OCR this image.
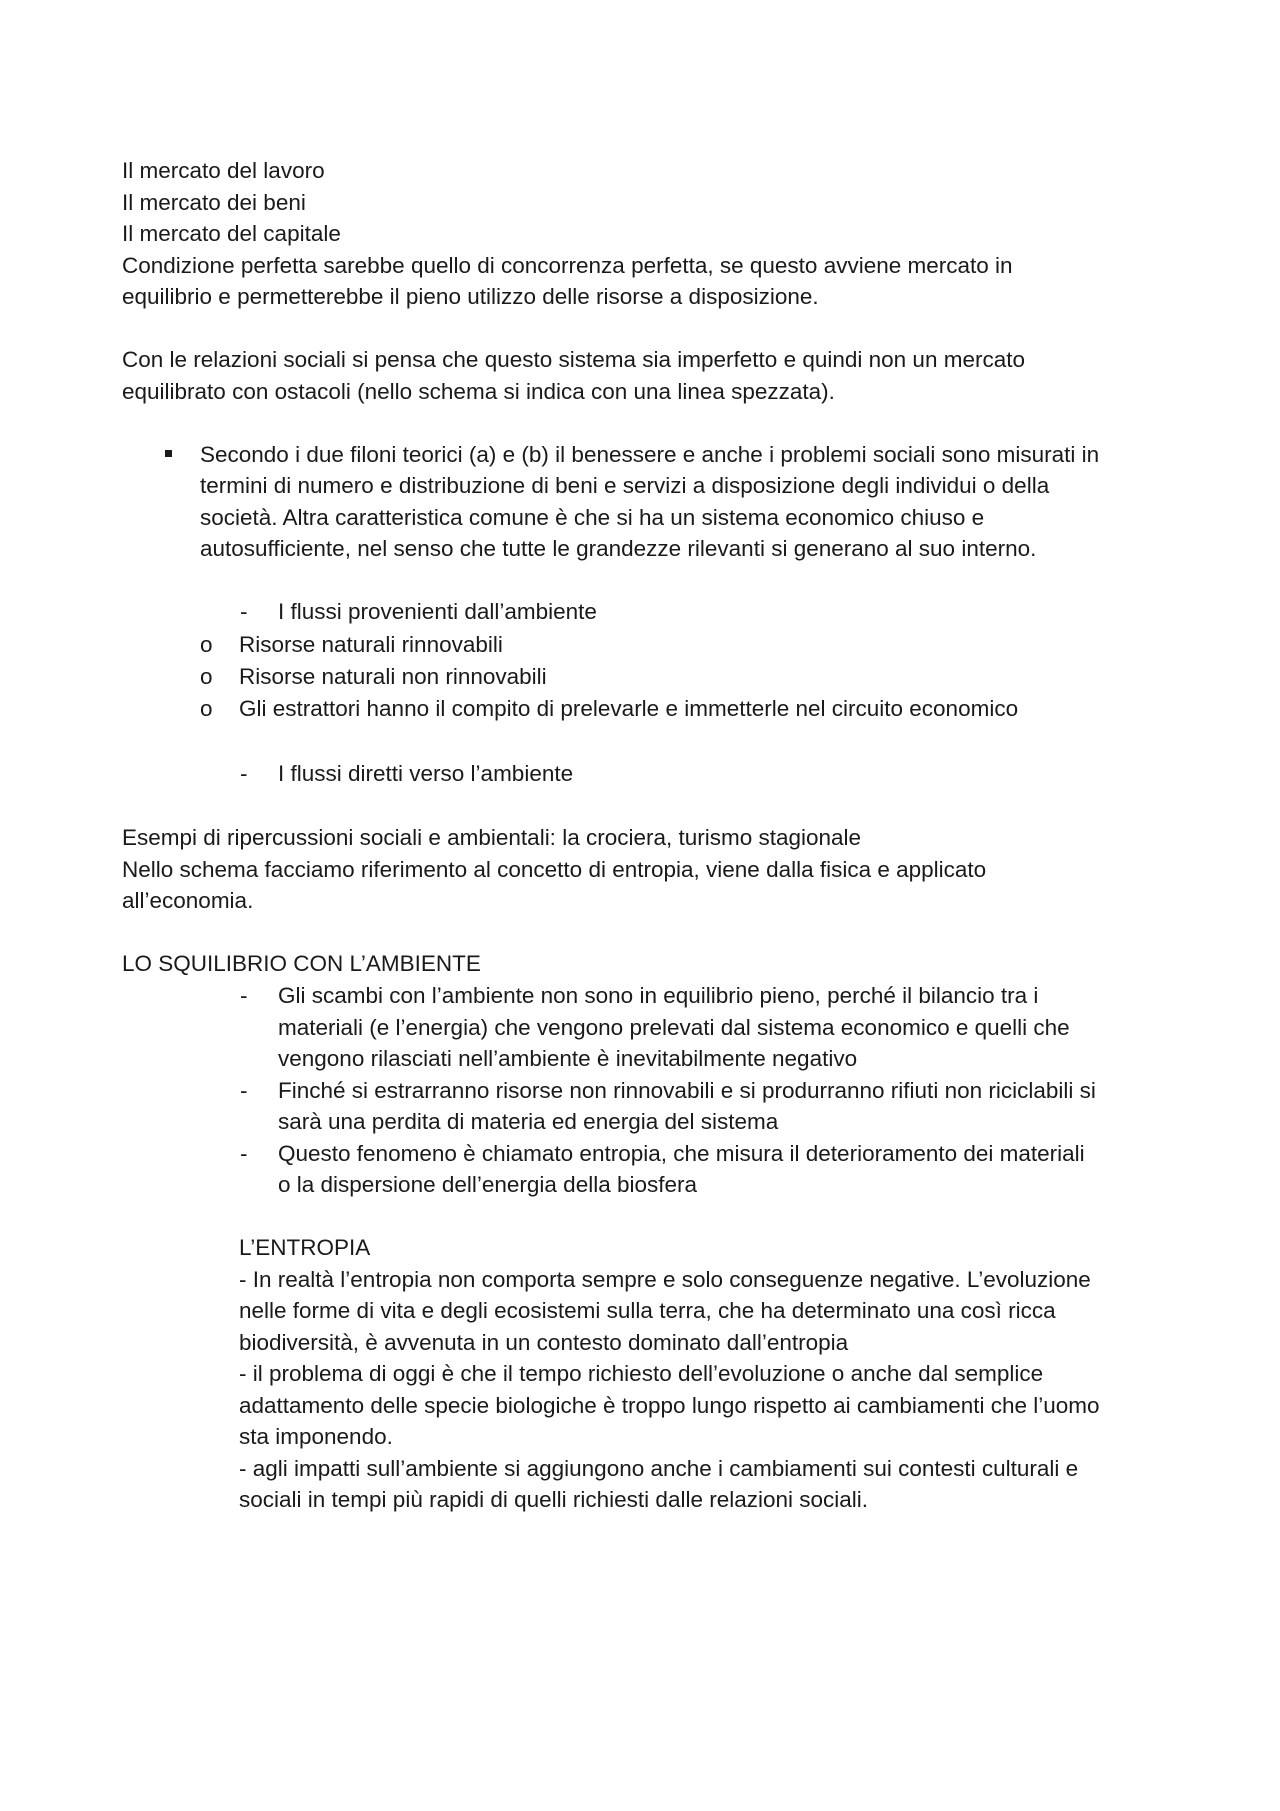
Il mercato del lavoro
Il mercato dei beni
Il mercato del capitale
Condizione perfetta sarebbe quello di concorrenza perfetta, se questo avviene mercato in
equilibrio e permetterebbe il pieno utilizzo delle risorse a disposizione.
Con le relazioni sociali si pensa che questo sistema sia imperfetto e quindi non un mercato
equilibrato con ostacoli (nello schema si indica con una linea spezzata).
Secondo i due filoni teorici (a) e (b) il benessere e anche i problemi sociali sono misurati in
termini di numero e distribuzione di beni e servizi a disposizione degli individui o della
società. Altra caratteristica comune è che si ha un sistema economico chiuso e
autosufficiente, nel senso che tutte le grandezze rilevanti si generano al suo interno.
- I flussi provenienti dall’ambiente
o Risorse naturali rinnovabili
o Risorse naturali non rinnovabili
o Gli estrattori hanno il compito di prelevarle e immetterle nel circuito economico
- I flussi diretti verso l’ambiente
Esempi di ripercussioni sociali e ambientali: la crociera, turismo stagionale
Nello schema facciamo riferimento al concetto di entropia, viene dalla fisica e applicato
all’economia.
LO SQUILIBRIO CON L’AMBIENTE
- Gli scambi con l’ambiente non sono in equilibrio pieno, perché il bilancio tra i
materiali (e l’energia) che vengono prelevati dal sistema economico e quelli che
vengono rilasciati nell’ambiente è inevitabilmente negativo
- Finché si estrarranno risorse non rinnovabili e si produrranno rifiuti non riciclabili si
sarà una perdita di materia ed energia del sistema
- Questo fenomeno è chiamato entropia, che misura il deterioramento dei materiali
o la dispersione dell’energia della biosfera
L’ENTROPIA
- In realtà l’entropia non comporta sempre e solo conseguenze negative. L’evoluzione
nelle forme di vita e degli ecosistemi sulla terra, che ha determinato una così ricca
biodiversità, è avvenuta in un contesto dominato dall’entropia
- il problema di oggi è che il tempo richiesto dell’evoluzione o anche dal semplice
adattamento delle specie biologiche è troppo lungo rispetto ai cambiamenti che l’uomo
sta imponendo.
- agli impatti sull’ambiente si aggiungono anche i cambiamenti sui contesti culturali e
sociali in tempi più rapidi di quelli richiesti dalle relazioni sociali.
